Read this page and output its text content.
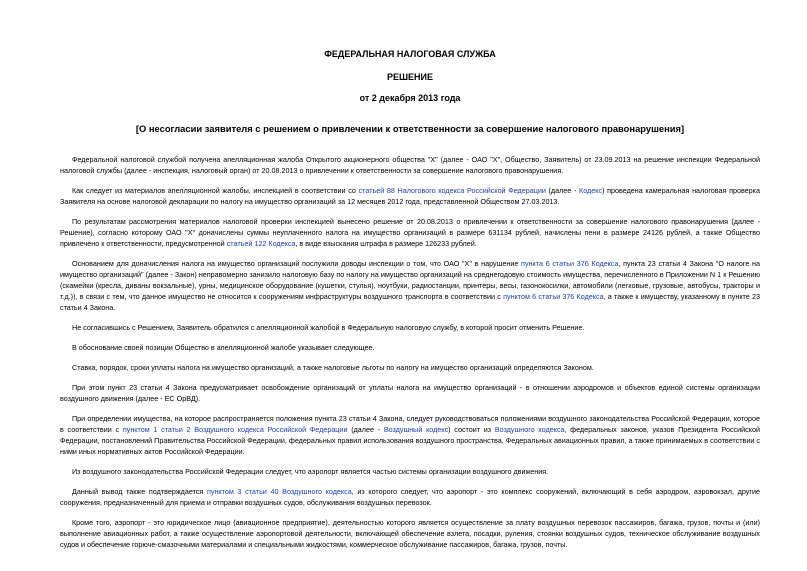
ФЕДЕРАЛЬНАЯ НАЛОГОВАЯ СЛУЖБА
РЕШЕНИЕ
от 2 декабря 2013 года
[О несогласии заявителя с решением о привлечении к ответственности за совершение налогового правонарушения]

Федеральной налоговой службой получена апелляционная жалоба Открытого акционерного общества "Х" (далее - ОАО "Х", Общество, Заявитель) от 23.09.2013 на решение инспекции Федеральной налоговой службы (далее - инспекция, налоговый орган) от 20.08.2013 о привлечении к ответственности за совершение налогового правонарушения.

Как следует из материалов апелляционной жалобы, инспекцией в соответствии со статьей 88 Налогового кодекса Российской Федерации (далее - Кодекс) проведена камеральная налоговая проверка Заявителя на основе налоговой декларации по налогу на имущество организаций за 12 месяцев 2012 года, представленной Обществом 27.03.2013.

По результатам рассмотрения материалов налоговой проверки инспекцией вынесено решение от 20.08.2013 о привлечении к ответственности за совершение налогового правонарушения (далее - Решение), согласно которому ОАО "Х" доначислены суммы неуплаченного налога на имущество организаций в размере 631134 рублей, начислены пени в размере 24126 рублей, а также Общество привлечено к ответственности, предусмотренной статьей 122 Кодекса, в виде взыскания штрафа в размере 126233 рублей.

Основанием для доначисления налога на имущество организаций послужили доводы инспекции о том, что ОАО "Х" в нарушение пункта 6 статьи 376 Кодекса, пункта 23 статьи 4 Закона "О налоге на имущество организаций" (далее - Закон) неправомерно занизило налоговую базу по налогу на имущество организаций на среднегодовую стоимость имущества, перечисленного в Приложении N 1 к Решению (скамейки (кресла, диваны вокзальные), урны, медицинское оборудование (кушетки, стулья), ноутбуки, радиостанции, принтеры, весы, газонокосилки, автомобили (легковые, грузовые, автобусы, тракторы и т.д.)), в связи с тем, что данное имущество не относится к сооружениям инфраструктуры воздушного транспорта в соответствии с пунктом 6 статьи 376 Кодекса, а также к имуществу, указанному в пункте 23 статьи 4 Закона.

Не согласившись с Решением, Заявитель обратился с апелляционной жалобой в Федеральную налоговую службу, в которой просит отменить Решение.

В обоснование своей позиции Общество в апелляционной жалобе указывает следующее.

Ставка, порядок, сроки уплаты налога на имущество организаций, а также налоговые льготы по налогу на имущество организаций определяются Законом.

При этом пункт 23 статьи 4 Закона предусматривает освобождение организаций от уплаты налога на имущество организаций - в отношении аэродромов и объектов единой системы организации воздушного движения (далее - ЕС ОрВД).

При определении имущества, на которое распространяется положения пункта 23 статьи 4 Закона, следует руководствоваться положениями воздушного законодательства Российской Федерации, которое в соответствии с пунктом 1 статьи 2 Воздушного кодекса Российской Федерации (далее - Воздушный кодекс) состоит из Воздушного кодекса, федеральных законов, указов Президента Российской Федерации, постановлений Правительства Российской Федерации, федеральных правил использования воздушного пространства, Федеральных авиационных правил, а также принимаемых в соответствии с ними иных нормативных актов Российской Федерации.

Из воздушного законодательства Российской Федерации следует, что аэропорт является частью системы организации воздушного движения.

Данный вывод также подтверждается пунктом 3 статьи 40 Воздушного кодекса, из которого следует, что аэропорт - это комплекс сооружений, включающий в себя аэродром, аэровокзал, другие сооружения, предназначенный для приема и отправки воздушных судов, обслуживания воздушных перевозок.

Кроме того, аэропорт - это юридическое лицо (авиационное предприятие), деятельностью которого является осуществление за плату воздушных перевозок пассажиров, багажа, грузов, почты и (или) выполнение авиационных работ, а также осуществление аэропортовой деятельности, включающей обеспечение взлета, посадки, руления, стоянки воздушных судов, техническое обслуживание воздушных судов и обеспечение горюче-смазочными материалами и специальными жидкостями, коммерческое обслуживание пассажиров, багажа, грузов, почты.
